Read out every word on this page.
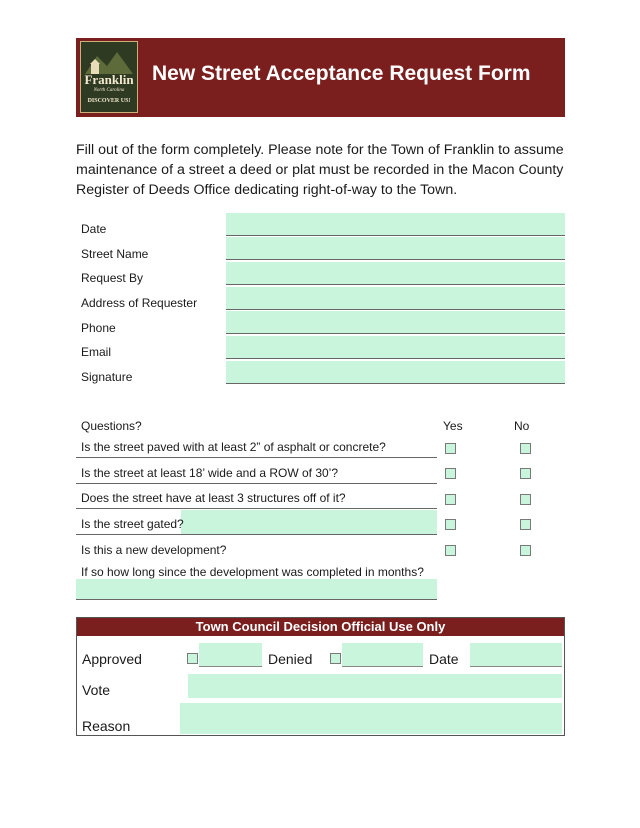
Franklin
North Carolina
DISCOVER US!
New Street Acceptance Request Form
Fill out of the form completely. Please note for the Town of Franklin to assume maintenance of a street a deed or plat must be recorded in the Macon County Register of Deeds Office dedicating right-of-way to the Town.
Date
Street Name
Request By
Address of Requester
Phone
Email
Signature
Questions?	Yes	No
Is the street paved with at least 2” of asphalt or concrete?
Is the street at least 18’ wide and a ROW of 30’?
Does the street have at least 3 structures off of it?
Is the street gated?
Is this a new development?
If so how long since the development was completed in months?
Town Council Decision Official Use Only
Approved	Denied	Date
Vote
Reason
